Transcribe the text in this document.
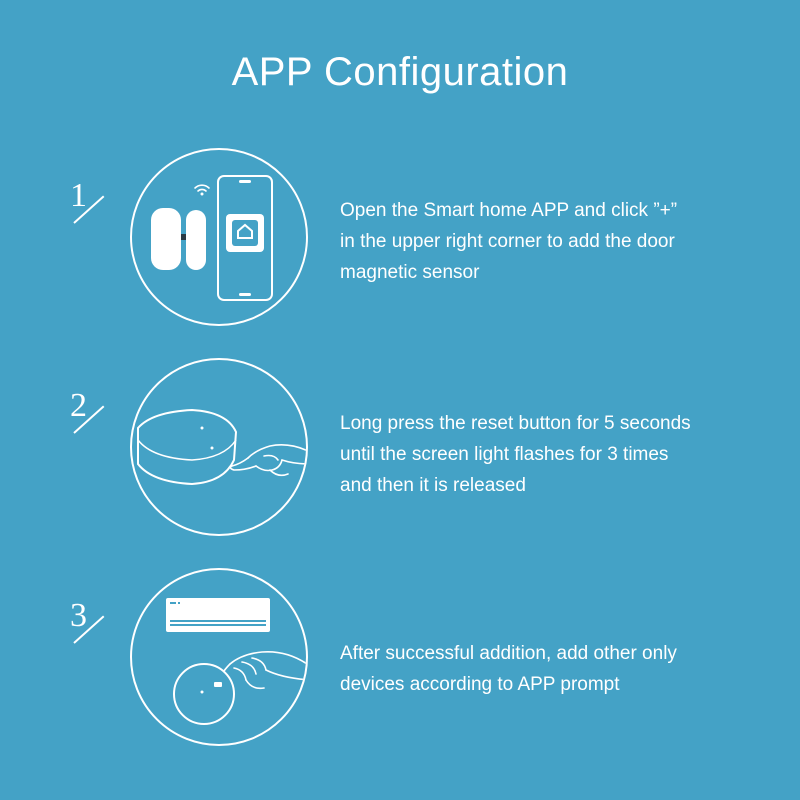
APP Configuration
1	Open the Smart home APP and click ”+”

in the upper right corner to add the door

magnetic sensor

2	Long press the reset button for 5 seconds

until the screen light flashes for 3 times

and then it is released

3

After successful addition, add other only

devices according to APP prompt
